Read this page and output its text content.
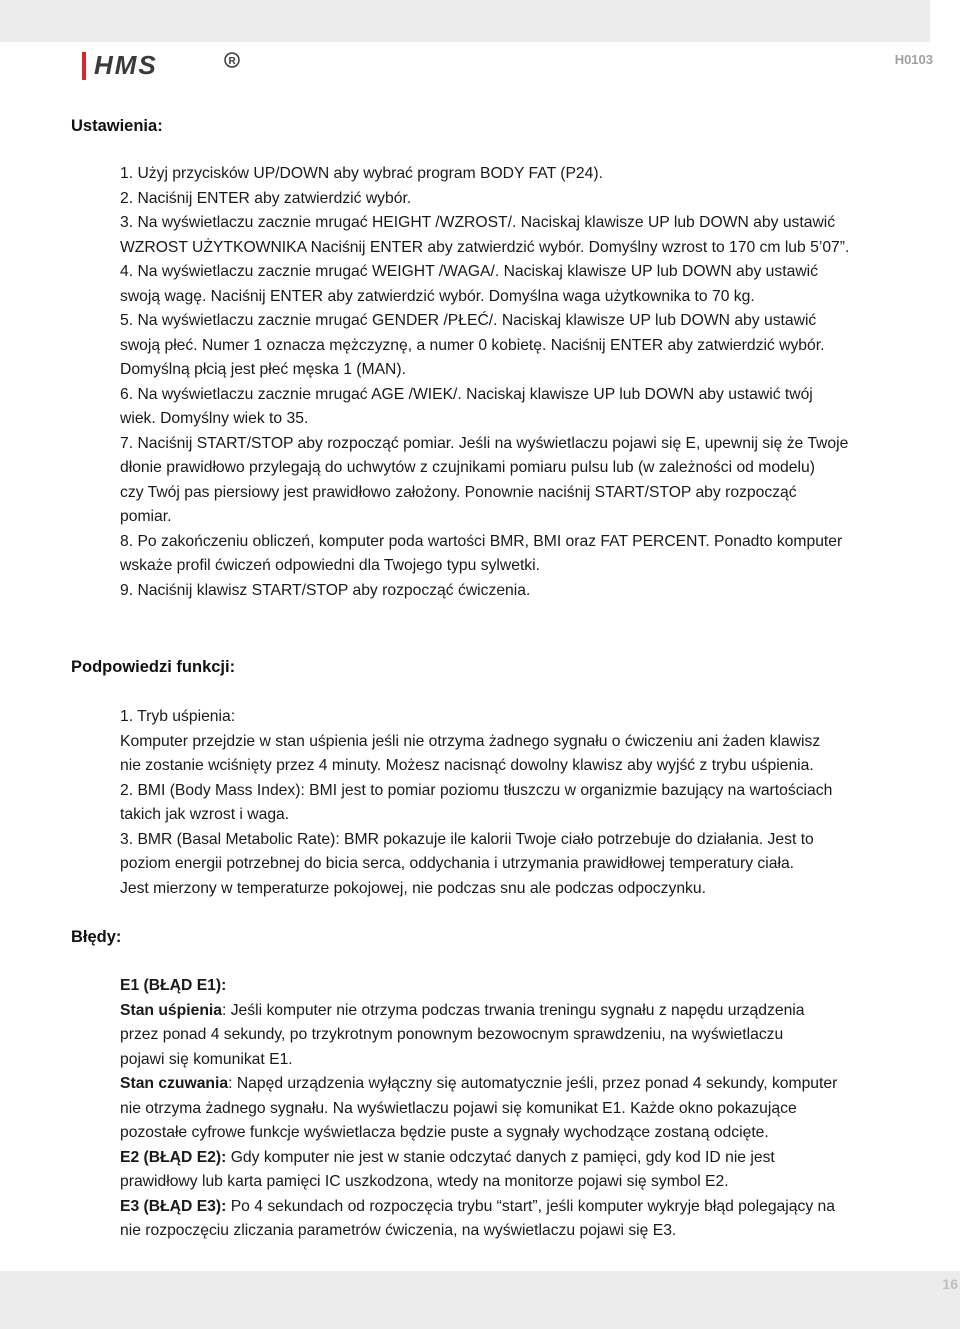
HMS	R	H0103
Ustawienia:

1. Użyj przycisków UP/DOWN aby wybrać program BODY FAT (P24).

2. Naciśnij ENTER aby zatwierdzić wybór.

3. Na wyświetlaczu zacznie mrugać HEIGHT /WZROST/. Naciskaj klawisze UP lub DOWN aby ustawić

WZROST UŻYTKOWNIKA Naciśnij ENTER aby zatwierdzić wybór. Domyślny wzrost to 170 cm lub 5’07”.

4. Na wyświetlaczu zacznie mrugać WEIGHT /WAGA/. Naciskaj klawisze UP lub DOWN aby ustawić

swoją wagę. Naciśnij ENTER aby zatwierdzić wybór. Domyślna waga użytkownika to 70 kg.

5. Na wyświetlaczu zacznie mrugać GENDER /PŁEĆ/. Naciskaj klawisze UP lub DOWN aby ustawić

swoją płeć. Numer 1 oznacza mężczyznę, a numer 0 kobietę. Naciśnij ENTER aby zatwierdzić wybór.

Domyślną płcią jest płeć męska 1 (MAN).

6. Na wyświetlaczu zacznie mrugać AGE /WIEK/. Naciskaj klawisze UP lub DOWN aby ustawić twój

wiek. Domyślny wiek to 35.

7. Naciśnij START/STOP aby rozpocząć pomiar. Jeśli na wyświetlaczu pojawi się E, upewnij się że Twoje

dłonie prawidłowo przylegają do uchwytów z czujnikami pomiaru pulsu lub (w zależności od modelu)

czy Twój pas piersiowy jest prawidłowo założony. Ponownie naciśnij START/STOP aby rozpocząć

pomiar.

8. Po zakończeniu obliczeń, komputer poda wartości BMR, BMI oraz FAT PERCENT. Ponadto komputer

wskaże profil ćwiczeń odpowiedni dla Twojego typu sylwetki.

9. Naciśnij klawisz START/STOP aby rozpocząć ćwiczenia.

Podpowiedzi funkcji:

1. Tryb uśpienia:

Komputer przejdzie w stan uśpienia jeśli nie otrzyma żadnego sygnału o ćwiczeniu ani żaden klawisz

nie zostanie wciśnięty przez 4 minuty. Możesz nacisnąć dowolny klawisz aby wyjść z trybu uśpienia.

2. BMI (Body Mass Index): BMI jest to pomiar poziomu tłuszczu w organizmie bazujący na wartościach

takich jak wzrost i waga.

3. BMR (Basal Metabolic Rate): BMR pokazuje ile kalorii Twoje ciało potrzebuje do działania. Jest to

poziom energii potrzebnej do bicia serca, oddychania i utrzymania prawidłowej temperatury ciała.

Jest mierzony w temperaturze pokojowej, nie podczas snu ale podczas odpoczynku.

Błędy:

E1 (BŁĄD E1):

Stan uśpienia: Jeśli komputer nie otrzyma podczas trwania treningu sygnału z napędu urządzenia

przez ponad 4 sekundy, po trzykrotnym ponownym bezowocnym sprawdzeniu, na wyświetlaczu

pojawi się komunikat E1.

Stan czuwania: Napęd urządzenia wyłączny się automatycznie jeśli, przez ponad 4 sekundy, komputer

nie otrzyma żadnego sygnału. Na wyświetlaczu pojawi się komunikat E1. Każde okno pokazujące

pozostałe cyfrowe funkcje wyświetlacza będzie puste a sygnały wychodzące zostaną odcięte.

E2 (BŁĄD E2): Gdy komputer nie jest w stanie odczytać danych z pamięci, gdy kod ID nie jest

prawidłowy lub karta pamięci IC uszkodzona, wtedy na monitorze pojawi się symbol E2.

E3 (BŁĄD E3): Po 4 sekundach od rozpoczęcia trybu “start”, jeśli komputer wykryje błąd polegający na

nie rozpoczęciu zliczania parametrów ćwiczenia, na wyświetlaczu pojawi się E3.

16
